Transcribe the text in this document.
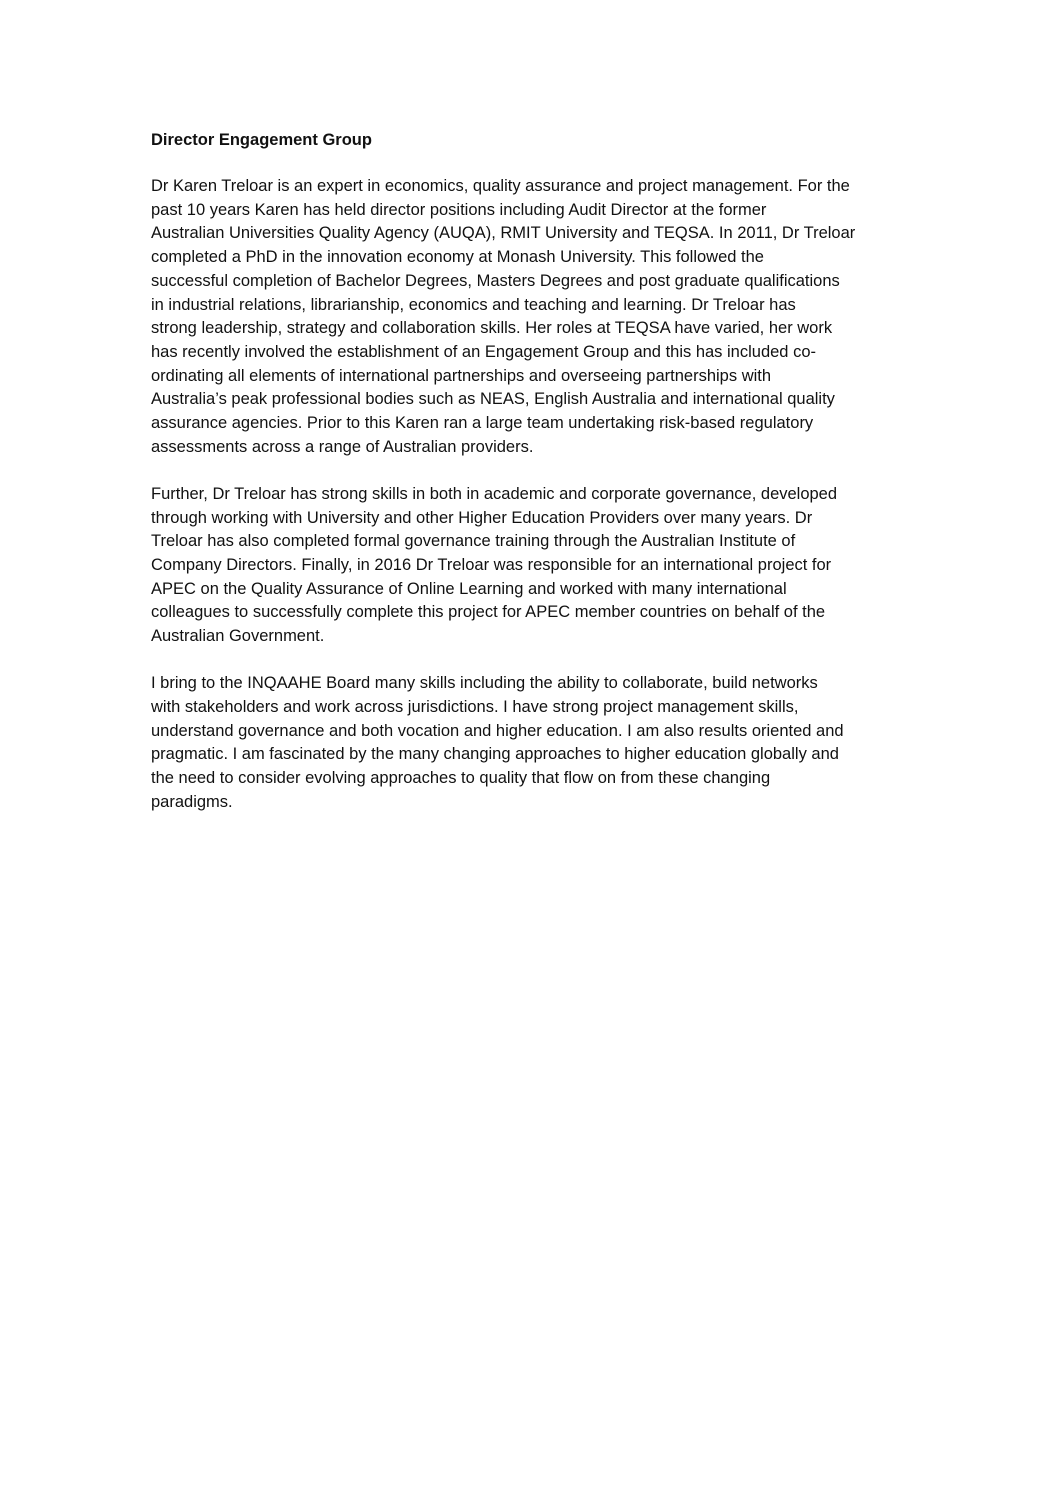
Director Engagement Group
Dr Karen Treloar is an expert in economics, quality assurance and project management. For the
past 10 years Karen has held director positions including Audit Director at the former
Australian Universities Quality Agency (AUQA), RMIT University and TEQSA. In 2011, Dr Treloar
completed a PhD in the innovation economy at Monash University. This followed the
successful completion of Bachelor Degrees, Masters Degrees and post graduate qualifications
in industrial relations, librarianship, economics and teaching and learning. Dr Treloar has
strong leadership, strategy and collaboration skills. Her roles at TEQSA have varied, her work
has recently involved the establishment of an Engagement Group and this has included co-
ordinating all elements of international partnerships and overseeing partnerships with
Australia’s peak professional bodies such as NEAS, English Australia and international quality
assurance agencies. Prior to this Karen ran a large team undertaking risk-based regulatory
assessments across a range of Australian providers.
Further, Dr Treloar has strong skills in both in academic and corporate governance, developed
through working with University and other Higher Education Providers over many years. Dr
Treloar has also completed formal governance training through the Australian Institute of
Company Directors. Finally, in 2016 Dr Treloar was responsible for an international project for
APEC on the Quality Assurance of Online Learning and worked with many international
colleagues to successfully complete this project for APEC member countries on behalf of the
Australian Government.
I bring to the INQAAHE Board many skills including the ability to collaborate, build networks
with stakeholders and work across jurisdictions. I have strong project management skills,
understand governance and both vocation and higher education. I am also results oriented and
pragmatic. I am fascinated by the many changing approaches to higher education globally and
the need to consider evolving approaches to quality that flow on from these changing
paradigms.
